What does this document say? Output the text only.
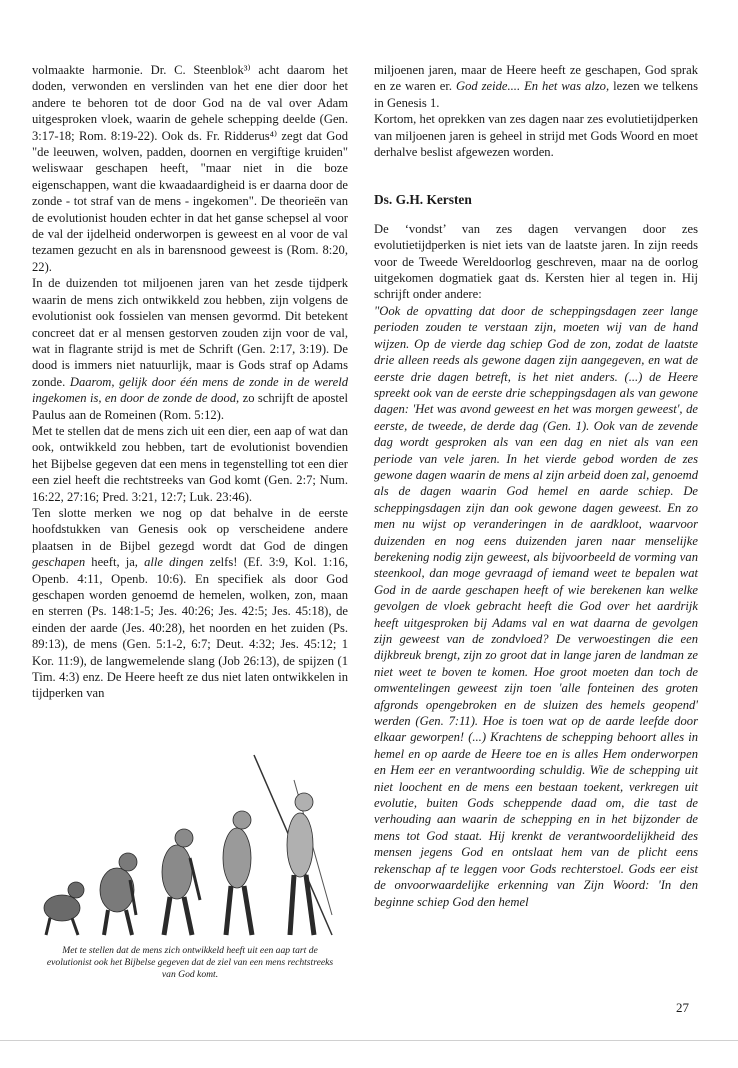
volmaakte harmonie. Dr. C. Steenblok³⁾ acht daarom het doden, verwonden en verslinden van het ene dier door het andere te behoren tot de door God na de val over Adam uitgesproken vloek, waarin de gehele schepping deelde (Gen. 3:17-18; Rom. 8:19-22). Ook ds. Fr. Ridderus⁴⁾ zegt dat God "de leeuwen, wolven, padden, doornen en vergiftige kruiden" weliswaar geschapen heeft, "maar niet in die boze eigenschappen, want die kwaadaardigheid is er daarna door de zonde - tot straf van de mens - ingekomen". De theorieën van de evolutionist houden echter in dat het ganse schepsel al voor de val der ijdelheid onderworpen is geweest en al voor de val tezamen gezucht en als in barensnood geweest is (Rom. 8:20, 22).

In de duizenden tot miljoenen jaren van het zesde tijdperk waarin de mens zich ontwikkeld zou hebben, zijn volgens de evolutionist ook fossielen van mensen gevormd. Dit betekent concreet dat er al mensen gestorven zouden zijn voor de val, wat in flagrante strijd is met de Schrift (Gen. 2:17, 3:19). De dood is immers niet natuurlijk, maar is Gods straf op Adams zonde. Daarom, gelijk door één mens de zonde in de wereld ingekomen is, en door de zonde de dood, zo schrijft de apostel Paulus aan de Romeinen (Rom. 5:12).

Met te stellen dat de mens zich uit een dier, een aap of wat dan ook, ontwikkeld zou hebben, tart de evolutionist bovendien het Bijbelse gegeven dat een mens in tegenstelling tot een dier een ziel heeft die rechtstreeks van God komt (Gen. 2:7; Num. 16:22, 27:16; Pred. 3:21, 12:7; Luk. 23:46).

Ten slotte merken we nog op dat behalve in de eerste hoofdstukken van Genesis ook op verscheidene andere plaatsen in de Bijbel gezegd wordt dat God de dingen geschapen heeft, ja, alle dingen zelfs! (Ef. 3:9, Kol. 1:16, Openb. 4:11, Openb. 10:6). En specifiek als door God geschapen worden genoemd de hemelen, wolken, zon, maan en sterren (Ps. 148:1-5; Jes. 40:26; Jes. 42:5; Jes. 45:18), de einden der aarde (Jes. 40:28), het noorden en het zuiden (Ps. 89:13), de mens (Gen. 5:1-2, 6:7; Deut. 4:32; Jes. 45:12; 1 Kor. 11:9), de langwemelende slang (Job 26:13), de spijzen (1 Tim. 4:3) enz. De Heere heeft ze dus niet laten ontwikkelen in tijdperken van

Met te stellen dat de mens zich ontwikkeld heeft uit een aap tart de evolutionist ook het Bijbelse gegeven dat de ziel van een mens rechtstreeks van God komt.

miljoenen jaren, maar de Heere heeft ze geschapen, God sprak en ze waren er. God zeide.... En het was alzo, lezen we telkens in Genesis 1.

Kortom, het oprekken van zes dagen naar zes evolutietijdperken van miljoenen jaren is geheel in strijd met Gods Woord en moet derhalve beslist afgewezen worden.

Ds. G.H. Kersten

De ‘vondst’ van zes dagen vervangen door zes evolutietijdperken is niet iets van de laatste jaren. In zijn reeds voor de Tweede Wereldoorlog geschreven, maar na de oorlog uitgekomen dogmatiek gaat ds. Kersten hier al tegen in. Hij schrijft onder andere:

"Ook de opvatting dat door de scheppingsdagen zeer lange perioden zouden te verstaan zijn, moeten wij van de hand wijzen. Op de vierde dag schiep God de zon, zodat de laatste drie alleen reeds als gewone dagen zijn aangegeven, en wat de eerste drie dagen betreft, is het niet anders. (...) de Heere spreekt ook van de eerste drie scheppingsdagen als van gewone dagen: 'Het was avond geweest en het was morgen geweest', de eerste, de tweede, de derde dag (Gen. 1). Ook van de zevende dag wordt gesproken als van een dag en niet als van een periode van vele jaren. In het vierde gebod worden de zes gewone dagen waarin de mens al zijn arbeid doen zal, genoemd als de dagen waarin God hemel en aarde schiep. De scheppingsdagen zijn dan ook gewone dagen geweest. En zo men nu wijst op veranderingen in de aardkloot, waarvoor duizenden en nog eens duizenden jaren naar menselijke berekening nodig zijn geweest, als bijvoorbeeld de vorming van steenkool, dan moge gevraagd of iemand weet te bepalen wat God in de aarde geschapen heeft of wie berekenen kan welke gevolgen de vloek gebracht heeft die God over het aardrijk heeft uitgesproken bij Adams val en wat daarna de gevolgen zijn geweest van de zondvloed? De verwoestingen die een dijkbreuk brengt, zijn zo groot dat in lange jaren de landman ze niet weet te boven te komen. Hoe groot moeten dan toch de omwentelingen geweest zijn toen 'alle fonteinen des groten afgronds opengebroken en de sluizen des hemels geopend' werden (Gen. 7:11). Hoe is toen wat op de aarde leefde door elkaar geworpen! (...) Krachtens de schepping behoort alles in hemel en op aarde de Heere toe en is alles Hem onderworpen en Hem eer en verantwoording schuldig. Wie de schepping uit niet loochent en de mens een bestaan toekent, verkregen uit evolutie, buiten Gods scheppende daad om, die tast de verhouding aan waarin de schepping en in het bijzonder de mens tot God staat. Hij krenkt de verantwoordelijkheid des mensen jegens God en ontslaat hem van de plicht eens rekenschap af te leggen voor Gods rechterstoel. Gods eer eist de onvoorwaardelijke erkenning van Zijn Woord: 'In den beginne schiep God den hemel

27
